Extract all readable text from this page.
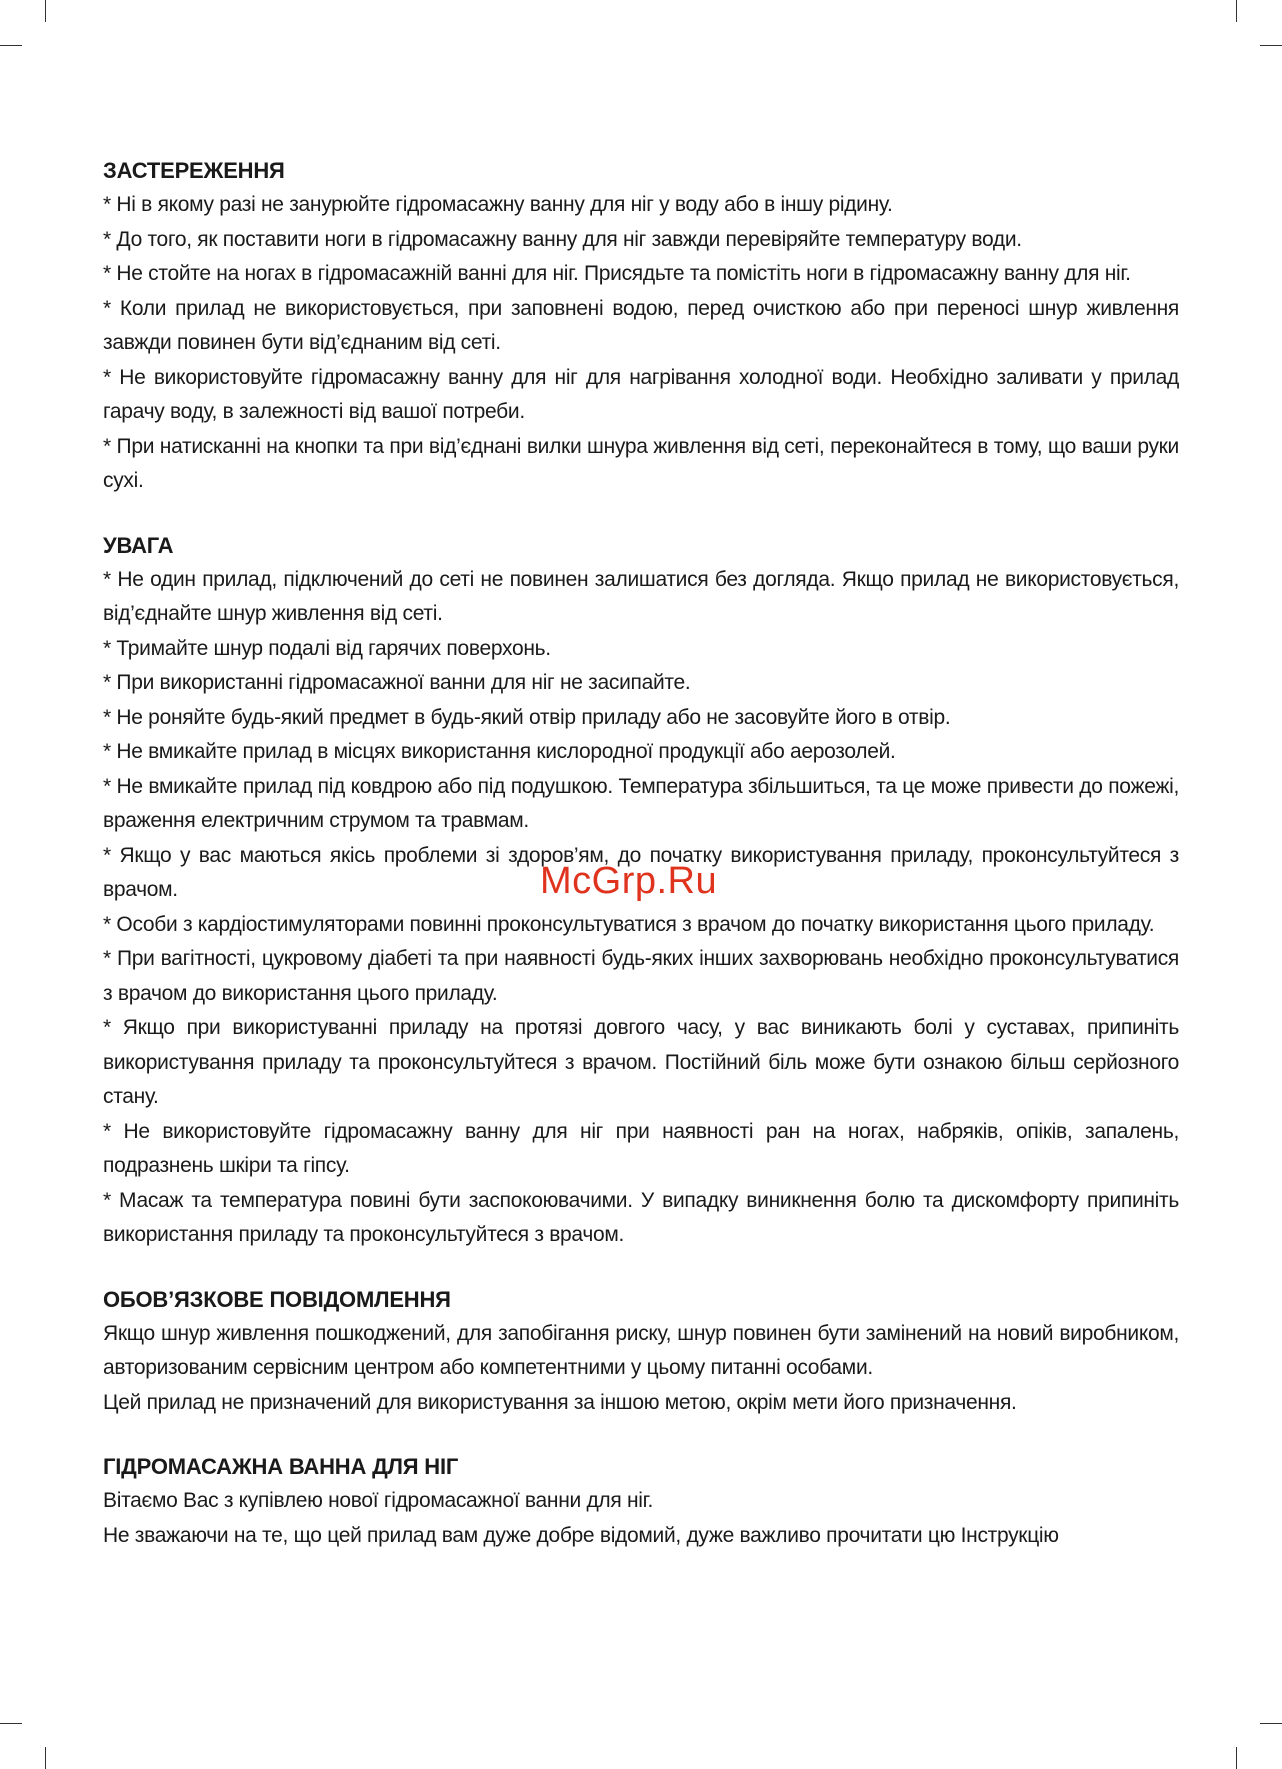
ЗАСТЕРЕЖЕННЯ

* Ні в якому разі не занурюйте гідромасажну ванну для ніг у воду або в іншу рідину.

* До того, як поставити ноги в гідромасажну ванну для ніг завжди перевіряйте температуру води.

* Не стойте на ногах в гідромасажній ванні для ніг. Присядьте та помістіть ноги в гідромасажну ванну для ніг.

* Коли прилад не використовується, при заповнені водою, перед очисткою або при переносі шнур живлення завжди повинен бути від’єднаним від сеті.

* Не використовуйте гідромасажну ванну для ніг для нагрівання холодної води. Необхідно заливати у прилад гарачу воду, в залежності від вашої потреби.

* При натисканні на кнопки та при від’єднані вилки шнура живлення від сеті, переконайтеся в тому, що ваши руки сухі.

УВАГА

* Не один прилад, підключений до сеті не повинен залишатися без догляда. Якщо прилад не використовується, від’єднайте шнур живлення від сеті.

* Тримайте шнур подалі від гарячих поверхонь.

* При використанні гідромасажної ванни для ніг не засипайте.

* Не роняйте будь-який предмет в будь-який отвір приладу або не засовуйте його в отвір.

* Не вмикайте прилад в місцях використання кислородної продукції або аерозолей.

* Не вмикайте прилад під ковдрою або під подушкою. Температура збільшиться, та це може привести до пожежі, враження електричним струмом та травмам.

* Якщо у вас маються якісь проблеми зі здоров’ям, до початку використування приладу, проконсультуйтеся з врачом.

* Особи з кардіостимуляторами повинні проконсультуватися з врачом до початку використання цього приладу.

* При вагітності, цукровому діабеті та при наявності будь-яких інших захворювань необхідно проконсультуватися з врачом до використання цього приладу.

* Якщо при використуванні приладу на протязі довгого часу, у вас виникають болі у суставах, припиніть використування приладу та проконсультуйтеся з врачом. Постійний біль може бути ознакою більш серйозного стану.

* Не використовуйте гідромасажну ванну для ніг при наявності ран на ногах, набряків, опіків, запалень, подразнень шкіри та гіпсу.

* Масаж та температура повині бути заспокоювачими. У випадку виникнення болю та дискомфорту припиніть використання приладу та проконсультуйтеся з врачом.

ОБОВ’ЯЗКОВЕ ПОВІДОМЛЕННЯ

Якщо шнур живлення пошкоджений, для запобігання риску, шнур повинен бути замінений на новий виробником, авторизованим сервісним центром або компетентними у цьому питанні особами.

Цей прилад не призначений для використування за іншою метою, окрім мети його призначення.

ГІДРОМАСАЖНА ВАННА ДЛЯ НІГ

Вітаємо Вас з купівлею нової гідромасажної ванни для ніг.

Не зважаючи на те, що цей прилад вам дуже добре відомий, дуже важливо прочитати цю Інструкцію

McGrp.Ru
